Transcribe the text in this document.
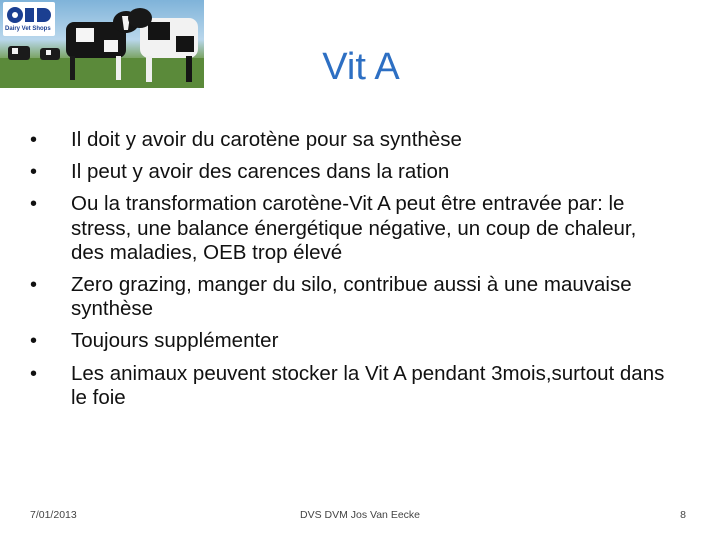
Dairy Vet Shops
Vit A
•	Il doit y avoir du carotène pour sa synthèse
•	Il peut y avoir des carences dans la ration
•	Ou la transformation carotène-Vit A peut être entravée par: le stress, une balance énergétique négative, un coup de chaleur, des maladies, OEB trop élevé
•	Zero grazing, manger du silo, contribue aussi à une mauvaise synthèse
•	Toujours supplémenter
•	Les animaux peuvent stocker la Vit A pendant 3mois,surtout dans le foie
7/01/2013	DVS DVM Jos Van Eecke	8
